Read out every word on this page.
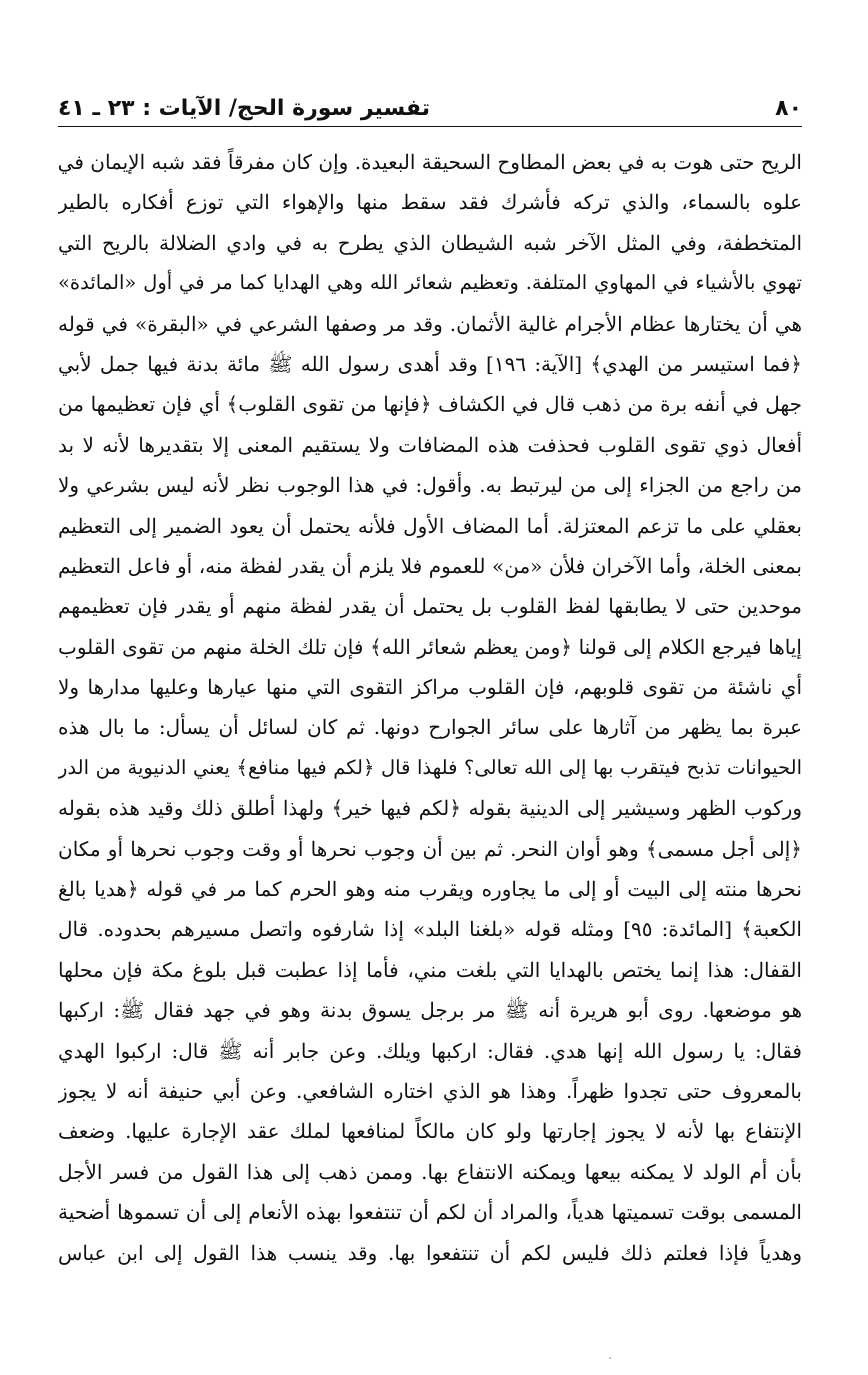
٨٠
تفسير سورة الحج/ الآيات : ٢٣ ـ ٤١
الريح حتى هوت به في بعض المطاوح السحيقة البعيدة. وإن كان مفرقاً فقد شبه الإيمان في
علوه بالسماء، والذي تركه فأشرك فقد سقط منها والإهواء التي توزع أفكاره بالطير
المتخطفة، وفي المثل الآخر شبه الشيطان الذي يطرح به في وادي الضلالة بالريح التي
تهوي بالأشياء في المهاوي المتلفة. وتعظيم شعائر الله وهي الهدايا كما مر في أول «المائدة»
هي أن يختارها عظام الأجرام غالية الأثمان. وقد مر وصفها الشرعي في «البقرة» في قوله
﴿فما استيسر من الهدي﴾ [الآية: ١٩٦] وقد أهدى رسول الله ﷺ مائة بدنة فيها جمل لأبي
جهل في أنفه برة من ذهب قال في الكشاف ﴿فإنها من تقوى القلوب﴾ أي فإن تعظيمها من
أفعال ذوي تقوى القلوب فحذفت هذه المضافات ولا يستقيم المعنى إلا بتقديرها لأنه لا بد
من راجع من الجزاء إلى من ليرتبط به. وأقول: في هذا الوجوب نظر لأنه ليس بشرعي ولا
بعقلي على ما تزعم المعتزلة. أما المضاف الأول فلأنه يحتمل أن يعود الضمير إلى التعظيم
بمعنى الخلة، وأما الآخران فلأن «من» للعموم فلا يلزم أن يقدر لفظة منه، أو فاعل التعظيم
موحدين حتى لا يطابقها لفظ القلوب بل يحتمل أن يقدر لفظة منهم أو يقدر فإن تعظيمهم
إياها فيرجع الكلام إلى قولنا ﴿ومن يعظم شعائر الله﴾ فإن تلك الخلة منهم من تقوى القلوب
أي ناشئة من تقوى قلوبهم، فإن القلوب مراكز التقوى التي منها عيارها وعليها مدارها ولا
عبرة بما يظهر من آثارها على سائر الجوارح دونها. ثم كان لسائل أن يسأل: ما بال هذه
الحيوانات تذبح فيتقرب بها إلى الله تعالى؟ فلهذا قال ﴿لكم فيها منافع﴾ يعني الدنيوية من الدر
وركوب الظهر وسيشير إلى الدينية بقوله ﴿لكم فيها خير﴾ ولهذا أطلق ذلك وقيد هذه بقوله
﴿إلى أجل مسمى﴾ وهو أوان النحر. ثم بين أن وجوب نحرها أو وقت وجوب نحرها أو مكان
نحرها منته إلى البيت أو إلى ما يجاوره ويقرب منه وهو الحرم كما مر في قوله ﴿هديا بالغ
الكعبة﴾ [المائدة: ٩٥] ومثله قوله «بلغنا البلد» إذا شارفوه واتصل مسيرهم بحدوده. قال
القفال: هذا إنما يختص بالهدايا التي بلغت مني، فأما إذا عطبت قبل بلوغ مكة فإن محلها
هو موضعها. روى أبو هريرة أنه ﷺ مر برجل يسوق بدنة وهو في جهد فقال ﷺ: اركبها
فقال: يا رسول الله إنها هدي. فقال: اركبها ويلك. وعن جابر أنه ﷺ قال: اركبوا الهدي
بالمعروف حتى تجدوا ظهراً. وهذا هو الذي اختاره الشافعي. وعن أبي حنيفة أنه لا يجوز
الإنتفاع بها لأنه لا يجوز إجارتها ولو كان مالكاً لمنافعها لملك عقد الإجارة عليها. وضعف
بأن أم الولد لا يمكنه بيعها ويمكنه الانتفاع بها. وممن ذهب إلى هذا القول من فسر الأجل
المسمى بوقت تسميتها هدياً، والمراد أن لكم أن تنتفعوا بهذه الأنعام إلى أن تسموها أضحية
وهدياً فإذا فعلتم ذلك فليس لكم أن تنتفعوا بها. وقد ينسب هذا القول إلى ابن عباس
